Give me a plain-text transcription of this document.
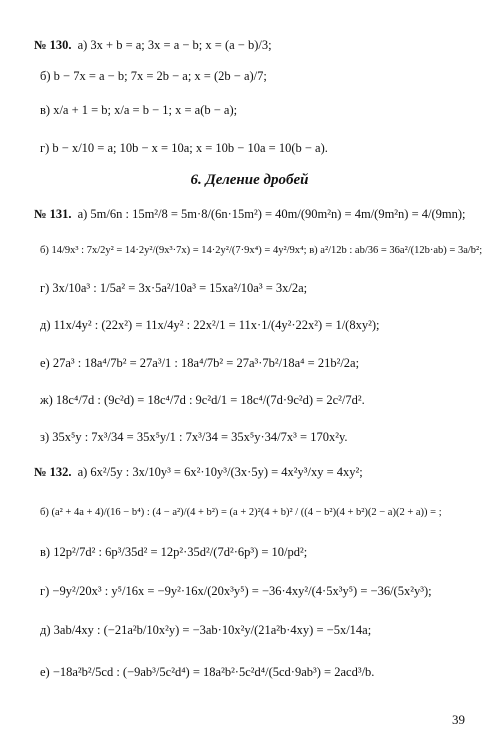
№ 130. а) 3x + b = a; 3x = a − b; x = (a − b)/3;
б) b − 7x = a − b; 7x = 2b − a; x = (2b − a)/7;
в) x/a + 1 = b; x/a = b − 1; x = a(b − a);
г) b − x/10 = a; 10b − x = 10a; x = 10b − 10a = 10(b − a).
6. Деление дробей
№ 131. а) 5m/6n : 15m²/8 = 5m·8/(6n·15m²) = 40m/(90m²n) = 4m/(9m²n) = 4/(9mn);
б) 14/9x³ : 7x/2y² = 14·2y²/(9x³·7x) = 14·2y²/(7·9x⁴) = 4y²/9x⁴; в) a²/12b : ab/36 = 36a²/(12b·ab) = 3a/b²;
г) 3x/10a³ : 1/5a² = 3x·5a²/10a³ = 15xa²/10a³ = 3x/2a;
д) 11x/4y² : (22x²) = 11x/4y² : 22x²/1 = 11x·1/(4y²·22x²) = 1/(8xy²);
е) 27a³ : 18a⁴/7b² = 27a³/1 : 18a⁴/7b² = 27a³·7b²/18a⁴ = 21b²/2a;
ж) 18c⁴/7d : (9c²d) = 18c⁴/7d : 9c²d/1 = 18c⁴/(7d·9c²d) = 2c²/7d².
з) 35x⁵y : 7x³/34 = 35x⁵y/1 : 7x³/34 = 35x⁵y·34/7x³ = 170x²y.
№ 132. а) 6x²/5y : 3x/10y³ = 6x²·10y³/(3x·5y) = 4x²y³/xy = 4xy²;
б) (a² + 4a + 4)/(16 − b⁴) : (4 − a²)/(4 + b²) = (a + 2)²(4 + b)² / ((4 − b²)(4 + b²)(2 − a)(2 + a)) = ;
в) 12p²/7d² : 6p³/35d² = 12p²·35d²/(7d²·6p³) = 10/pd²;
г) −9y²/20x³ : y⁵/16x = −9y²·16x/(20x³y⁵) = −36·4xy²/(4·5x³y⁵) = −36/(5x²y³);
д) 3ab/4xy : (−21a²b/10x²y) = −3ab·10x²y/(21a²b·4xy) = −5x/14a;
е) −18a²b²/5cd : (−9ab³/5c²d⁴) = 18a²b²·5c²d⁴/(5cd·9ab³) = 2acd³/b.
39
